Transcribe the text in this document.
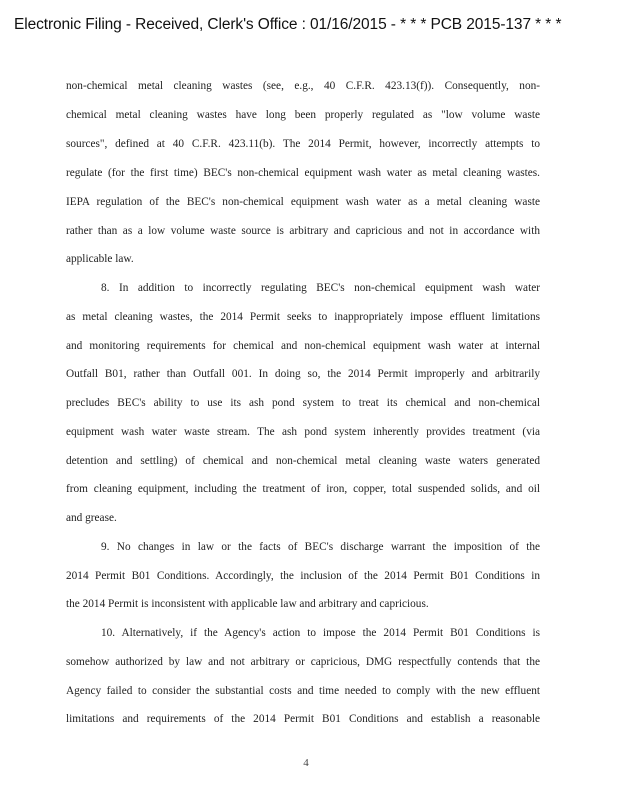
Electronic Filing - Received, Clerk's Office : 01/16/2015 - * * * PCB 2015-137 * * *
non-chemical metal cleaning wastes (see, e.g., 40 C.F.R. 423.13(f)). Consequently, non-
chemical metal cleaning wastes have long been properly regulated as "low volume waste
sources", defined at 40 C.F.R. 423.11(b). The 2014 Permit, however, incorrectly attempts to
regulate (for the first time) BEC's non-chemical equipment wash water as metal cleaning wastes.
IEPA regulation of the BEC's non-chemical equipment wash water as a metal cleaning waste
rather than as a low volume waste source is arbitrary and capricious and not in accordance with
applicable law.
8. In addition to incorrectly regulating BEC's non-chemical equipment wash water
as metal cleaning wastes, the 2014 Permit seeks to inappropriately impose effluent limitations
and monitoring requirements for chemical and non-chemical equipment wash water at internal
Outfall B01, rather than Outfall 001. In doing so, the 2014 Permit improperly and arbitrarily
precludes BEC's ability to use its ash pond system to treat its chemical and non-chemical
equipment wash water waste stream. The ash pond system inherently provides treatment (via
detention and settling) of chemical and non-chemical metal cleaning waste waters generated
from cleaning equipment, including the treatment of iron, copper, total suspended solids, and oil
and grease.
9. No changes in law or the facts of BEC's discharge warrant the imposition of the
2014 Permit B01 Conditions. Accordingly, the inclusion of the 2014 Permit B01 Conditions in
the 2014 Permit is inconsistent with applicable law and arbitrary and capricious.
10. Alternatively, if the Agency's action to impose the 2014 Permit B01 Conditions is
somehow authorized by law and not arbitrary or capricious, DMG respectfully contends that the
Agency failed to consider the substantial costs and time needed to comply with the new effluent
limitations and requirements of the 2014 Permit B01 Conditions and establish a reasonable
4
